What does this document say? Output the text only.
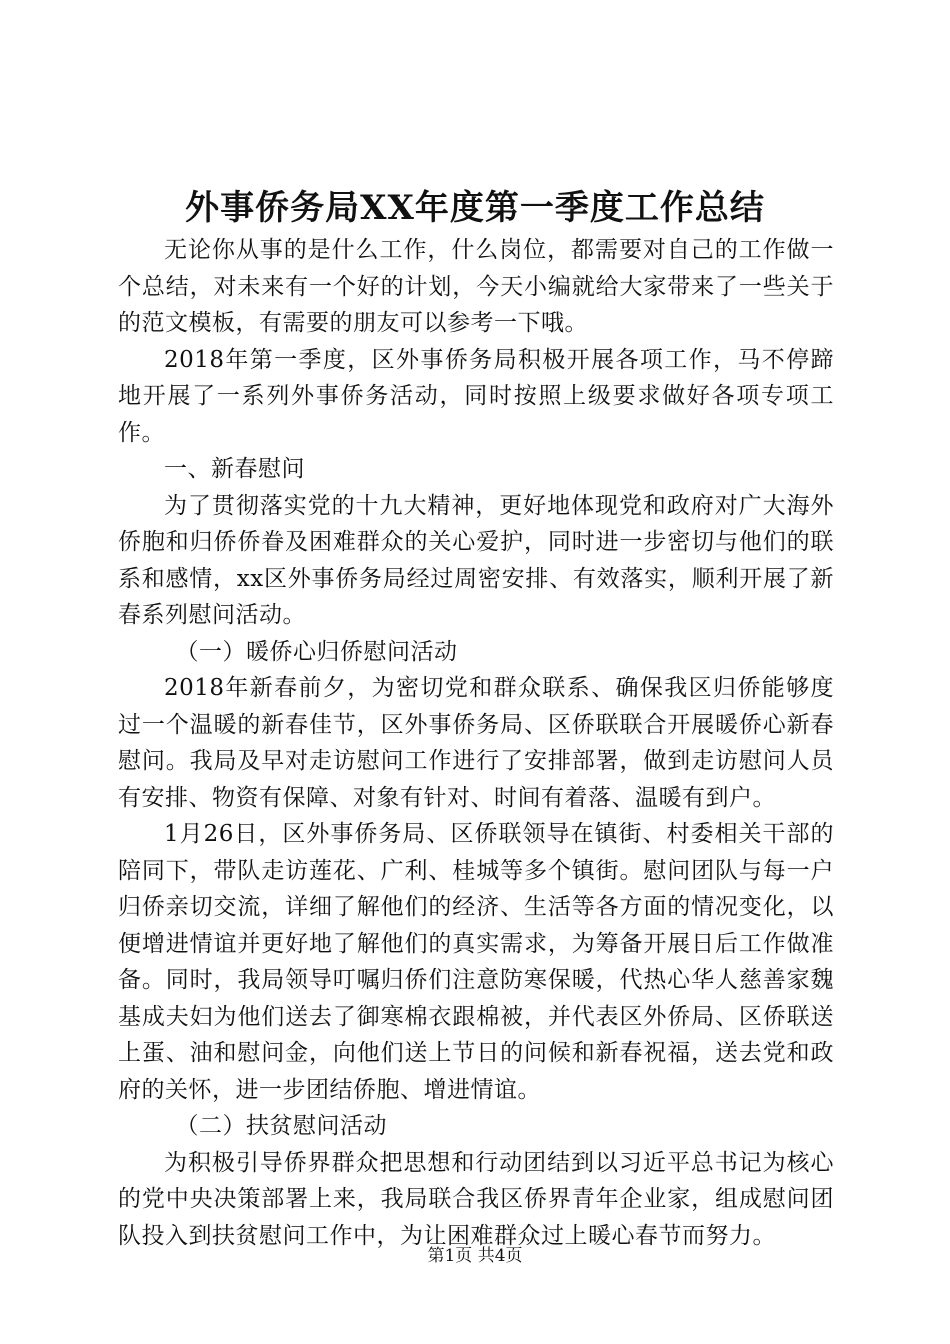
外事侨务局XX年度第一季度工作总结

无论你从事的是什么工作，什么岗位，都需要对自己的工作做一个总结，对未来有一个好的计划，今天小编就给大家带来了一些关于的范文模板，有需要的朋友可以参考一下哦。

2018年第一季度，区外事侨务局积极开展各项工作，马不停蹄地开展了一系列外事侨务活动，同时按照上级要求做好各项专项工作。

一、新春慰问

为了贯彻落实党的十九大精神，更好地体现党和政府对广大海外侨胞和归侨侨眷及困难群众的关心爱护，同时进一步密切与他们的联系和感情，xx区外事侨务局经过周密安排、有效落实，顺利开展了新春系列慰问活动。

（一）暖侨心归侨慰问活动

2018年新春前夕，为密切党和群众联系、确保我区归侨能够度过一个温暖的新春佳节，区外事侨务局、区侨联联合开展暖侨心新春慰问。我局及早对走访慰问工作进行了安排部署，做到走访慰问人员有安排、物资有保障、对象有针对、时间有着落、温暖有到户。

1月26日，区外事侨务局、区侨联领导在镇街、村委相关干部的陪同下，带队走访莲花、广利、桂城等多个镇街。慰问团队与每一户归侨亲切交流，详细了解他们的经济、生活等各方面的情况变化，以便增进情谊并更好地了解他们的真实需求，为筹备开展日后工作做准备。同时，我局领导叮嘱归侨们注意防寒保暖，代热心华人慈善家魏基成夫妇为他们送去了御寒棉衣跟棉被，并代表区外侨局、区侨联送上蛋、油和慰问金，向他们送上节日的问候和新春祝福，送去党和政府的关怀，进一步团结侨胞、增进情谊。

（二）扶贫慰问活动

为积极引导侨界群众把思想和行动团结到以习近平总书记为核心的党中央决策部署上来，我局联合我区侨界青年企业家，组成慰问团队投入到扶贫慰问工作中，为让困难群众过上暖心春节而努力。

第1页 共4页
